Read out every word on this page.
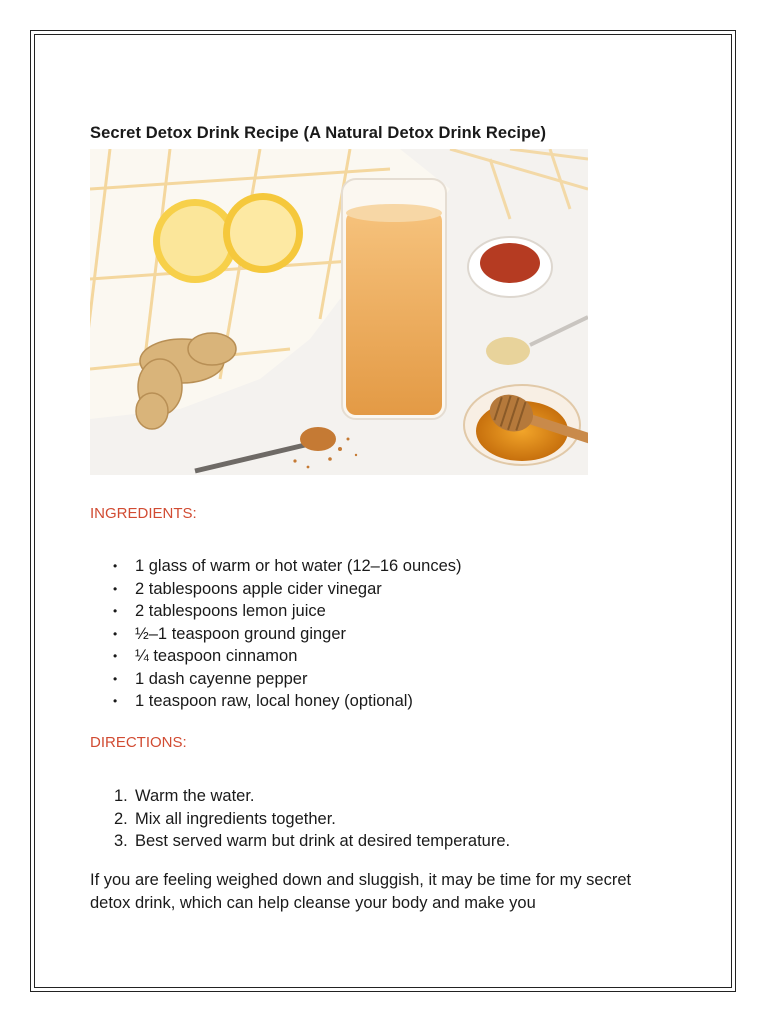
Secret Detox Drink Recipe (A Natural Detox Drink Recipe)

INGREDIENTS:

• 1 glass of warm or hot water (12–16 ounces)
• 2 tablespoons apple cider vinegar
• 2 tablespoons lemon juice
• ½–1 teaspoon ground ginger
• ¼ teaspoon cinnamon
• 1 dash cayenne pepper
• 1 teaspoon raw, local honey (optional)

DIRECTIONS:

1. Warm the water.
2. Mix all ingredients together.
3. Best served warm but drink at desired temperature.

If you are feeling weighed down and sluggish, it may be time for my secret detox drink, which can help cleanse your body and make you
